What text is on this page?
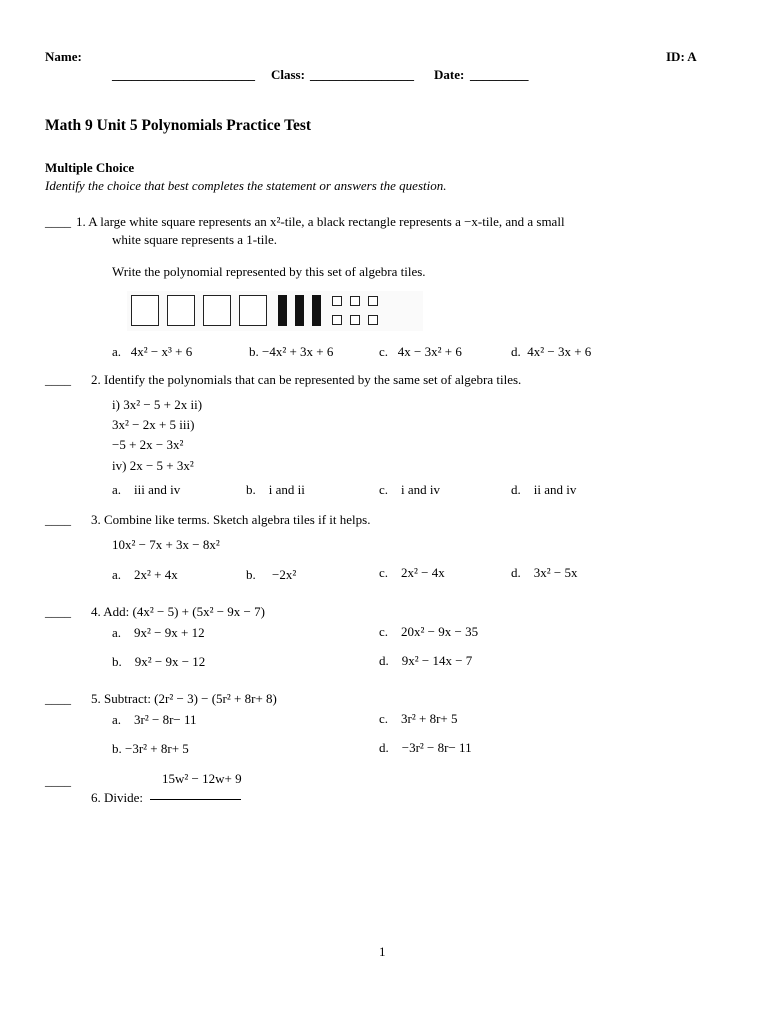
Name:	ID: A
______________________ Class: ________________ Date: _________
Math 9 Unit 5 Polynomials Practice Test
Multiple Choice
Identify the choice that best completes the statement or answers the question.
____ 1. A large white square represents an x²-tile, a black rectangle represents a −x-tile, and a small
white square represents a 1-tile.
Write the polynomial represented by this set of algebra tiles.
a. 4x² − x³ + 6	b. −4x² + 3x + 6	c. 4x − 3x² + 6	d. 4x² − 3x + 6
____ 2. Identify the polynomials that can be represented by the same set of algebra tiles.
i) 3x² − 5 + 2x ii)
3x² − 2x + 5 iii)
−5 + 2x − 3x²
iv) 2x − 5 + 3x²
a. iii and iv	b. i and ii	c. i and iv	d. ii and iv
____ 3. Combine like terms. Sketch algebra tiles if it helps.
10x² − 7x + 3x − 8x²
a. 2x² + 4x	b. −2x²	c. 2x² − 4x	d. 3x² − 5x
____ 4. Add: (4x² − 5) + (5x² − 9x − 7)
a. 9x² − 9x + 12	c. 20x² − 9x − 35
b. 9x² − 9x − 12	d. 9x² − 14x − 7
____ 5. Subtract: (2r² − 3) − (5r² + 8r+ 8)
a. 3r² − 8r− 11	c. 3r² + 8r+ 5
b. −3r² + 8r+ 5	d. −3r² − 8r− 11
15w² − 12w+ 9
____
6. Divide:
1
